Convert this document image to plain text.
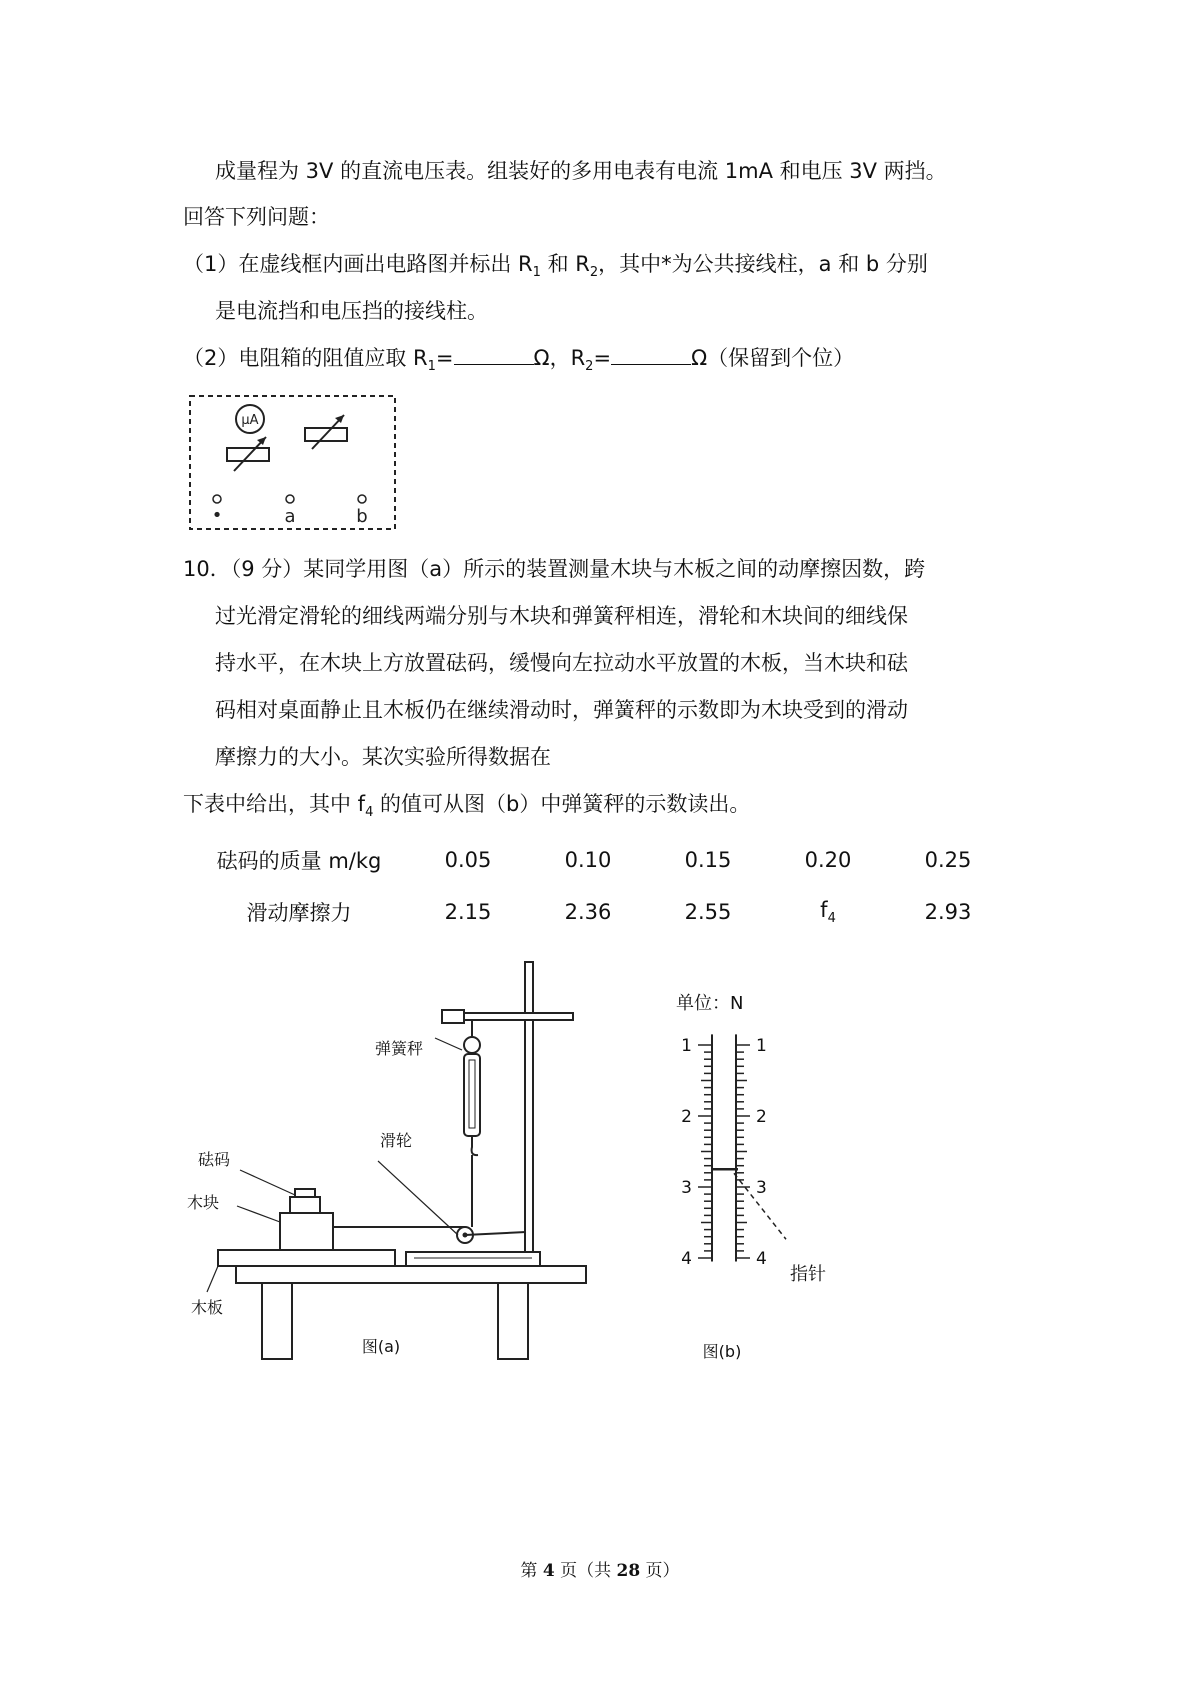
成量程为 3V 的直流电压表。组装好的多用电表有电流 1mA 和电压 3V 两挡。
回答下列问题：
（1）在虚线框内画出电路图并标出 $R_1$ 和 $R_2$，其中*为公共接线柱，a 和 b 分别
是电流挡和电压挡的接线柱。
（2）电阻箱的阻值应取 $R_1=$	Ω，$R_2=$	Ω（保留到个位）
μA
•	a	b
10．（9 分）某同学用图（a）所示的装置测量木块与木板之间的动摩擦因数，跨
过光滑定滑轮的细线两端分别与木块和弹簧秤相连，滑轮和木块间的细线保
持水平，在木块上方放置砝码，缓慢向左拉动水平放置的木板，当木块和砝
码相对桌面静止且木板仍在继续滑动时，弹簧秤的示数即为木块受到的滑动
摩擦力的大小。某次实验所得数据在
下表中给出，其中 $f_4$ 的值可从图（b）中弹簧秤的示数读出。
砝码的质量 m/kg	0.05	0.10	0.15	0.20	0.25
滑动摩擦力	2.15	2.36	2.55	$f_4$	2.93
弹簧秤
砝码
滑轮
木块
木板
图(a)
单位：N
1
2
3
4
1
2
3
4
指针
图(b)
第 4 页（共 28 页）
